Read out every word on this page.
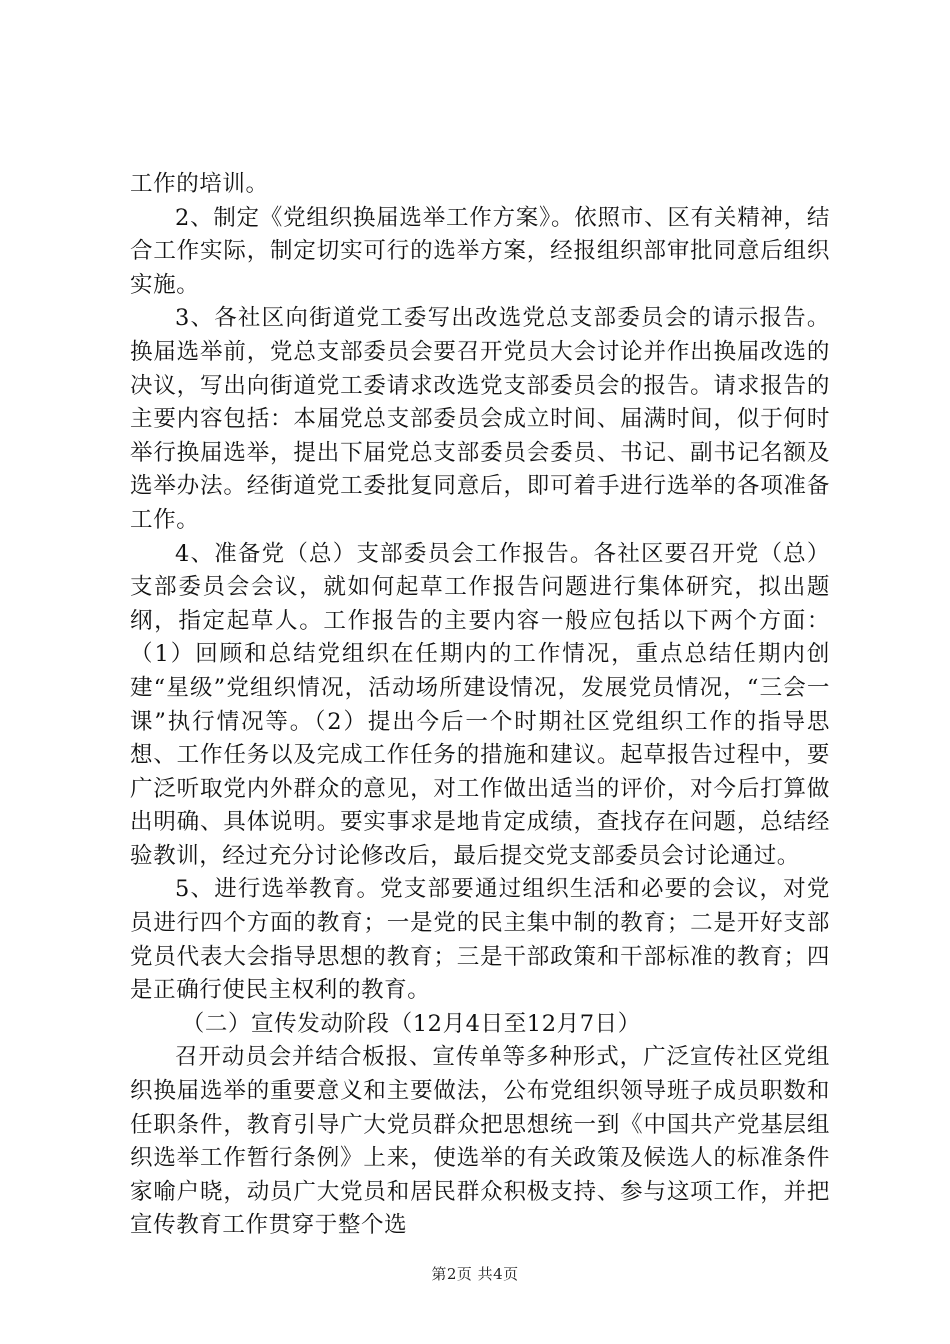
工作的培训。

2、制定《党组织换届选举工作方案》。依照市、区有关精神，结合工作实际，制定切实可行的选举方案，经报组织部审批同意后组织实施。

3、各社区向街道党工委写出改选党总支部委员会的请示报告。换届选举前，党总支部委员会要召开党员大会讨论并作出换届改选的决议，写出向街道党工委请求改选党支部委员会的报告。请求报告的主要内容包括：本届党总支部委员会成立时间、届满时间，似于何时举行换届选举，提出下届党总支部委员会委员、书记、副书记名额及选举办法。经街道党工委批复同意后，即可着手进行选举的各项准备工作。

4、准备党（总）支部委员会工作报告。各社区要召开党（总）支部委员会会议，就如何起草工作报告问题进行集体研究，拟出题纲，指定起草人。工作报告的主要内容一般应包括以下两个方面：（1）回顾和总结党组织在任期内的工作情况，重点总结任期内创建“星级”党组织情况，活动场所建设情况，发展党员情况，“三会一课”执行情况等。（2）提出今后一个时期社区党组织工作的指导思想、工作任务以及完成工作任务的措施和建议。起草报告过程中，要广泛听取党内外群众的意见，对工作做出适当的评价，对今后打算做出明确、具体说明。要实事求是地肯定成绩，查找存在问题，总结经验教训，经过充分讨论修改后，最后提交党支部委员会讨论通过。

5、进行选举教育。党支部要通过组织生活和必要的会议，对党员进行四个方面的教育；一是党的民主集中制的教育；二是开好支部党员代表大会指导思想的教育；三是干部政策和干部标准的教育；四是正确行使民主权利的教育。

（二）宣传发动阶段（12月4日至12月7日）

召开动员会并结合板报、宣传单等多种形式，广泛宣传社区党组织换届选举的重要意义和主要做法，公布党组织领导班子成员职数和任职条件，教育引导广大党员群众把思想统一到《中国共产党基层组织选举工作暂行条例》上来，使选举的有关政策及候选人的标准条件家喻户晓，动员广大党员和居民群众积极支持、参与这项工作，并把宣传教育工作贯穿于整个选

第2页 共4页
